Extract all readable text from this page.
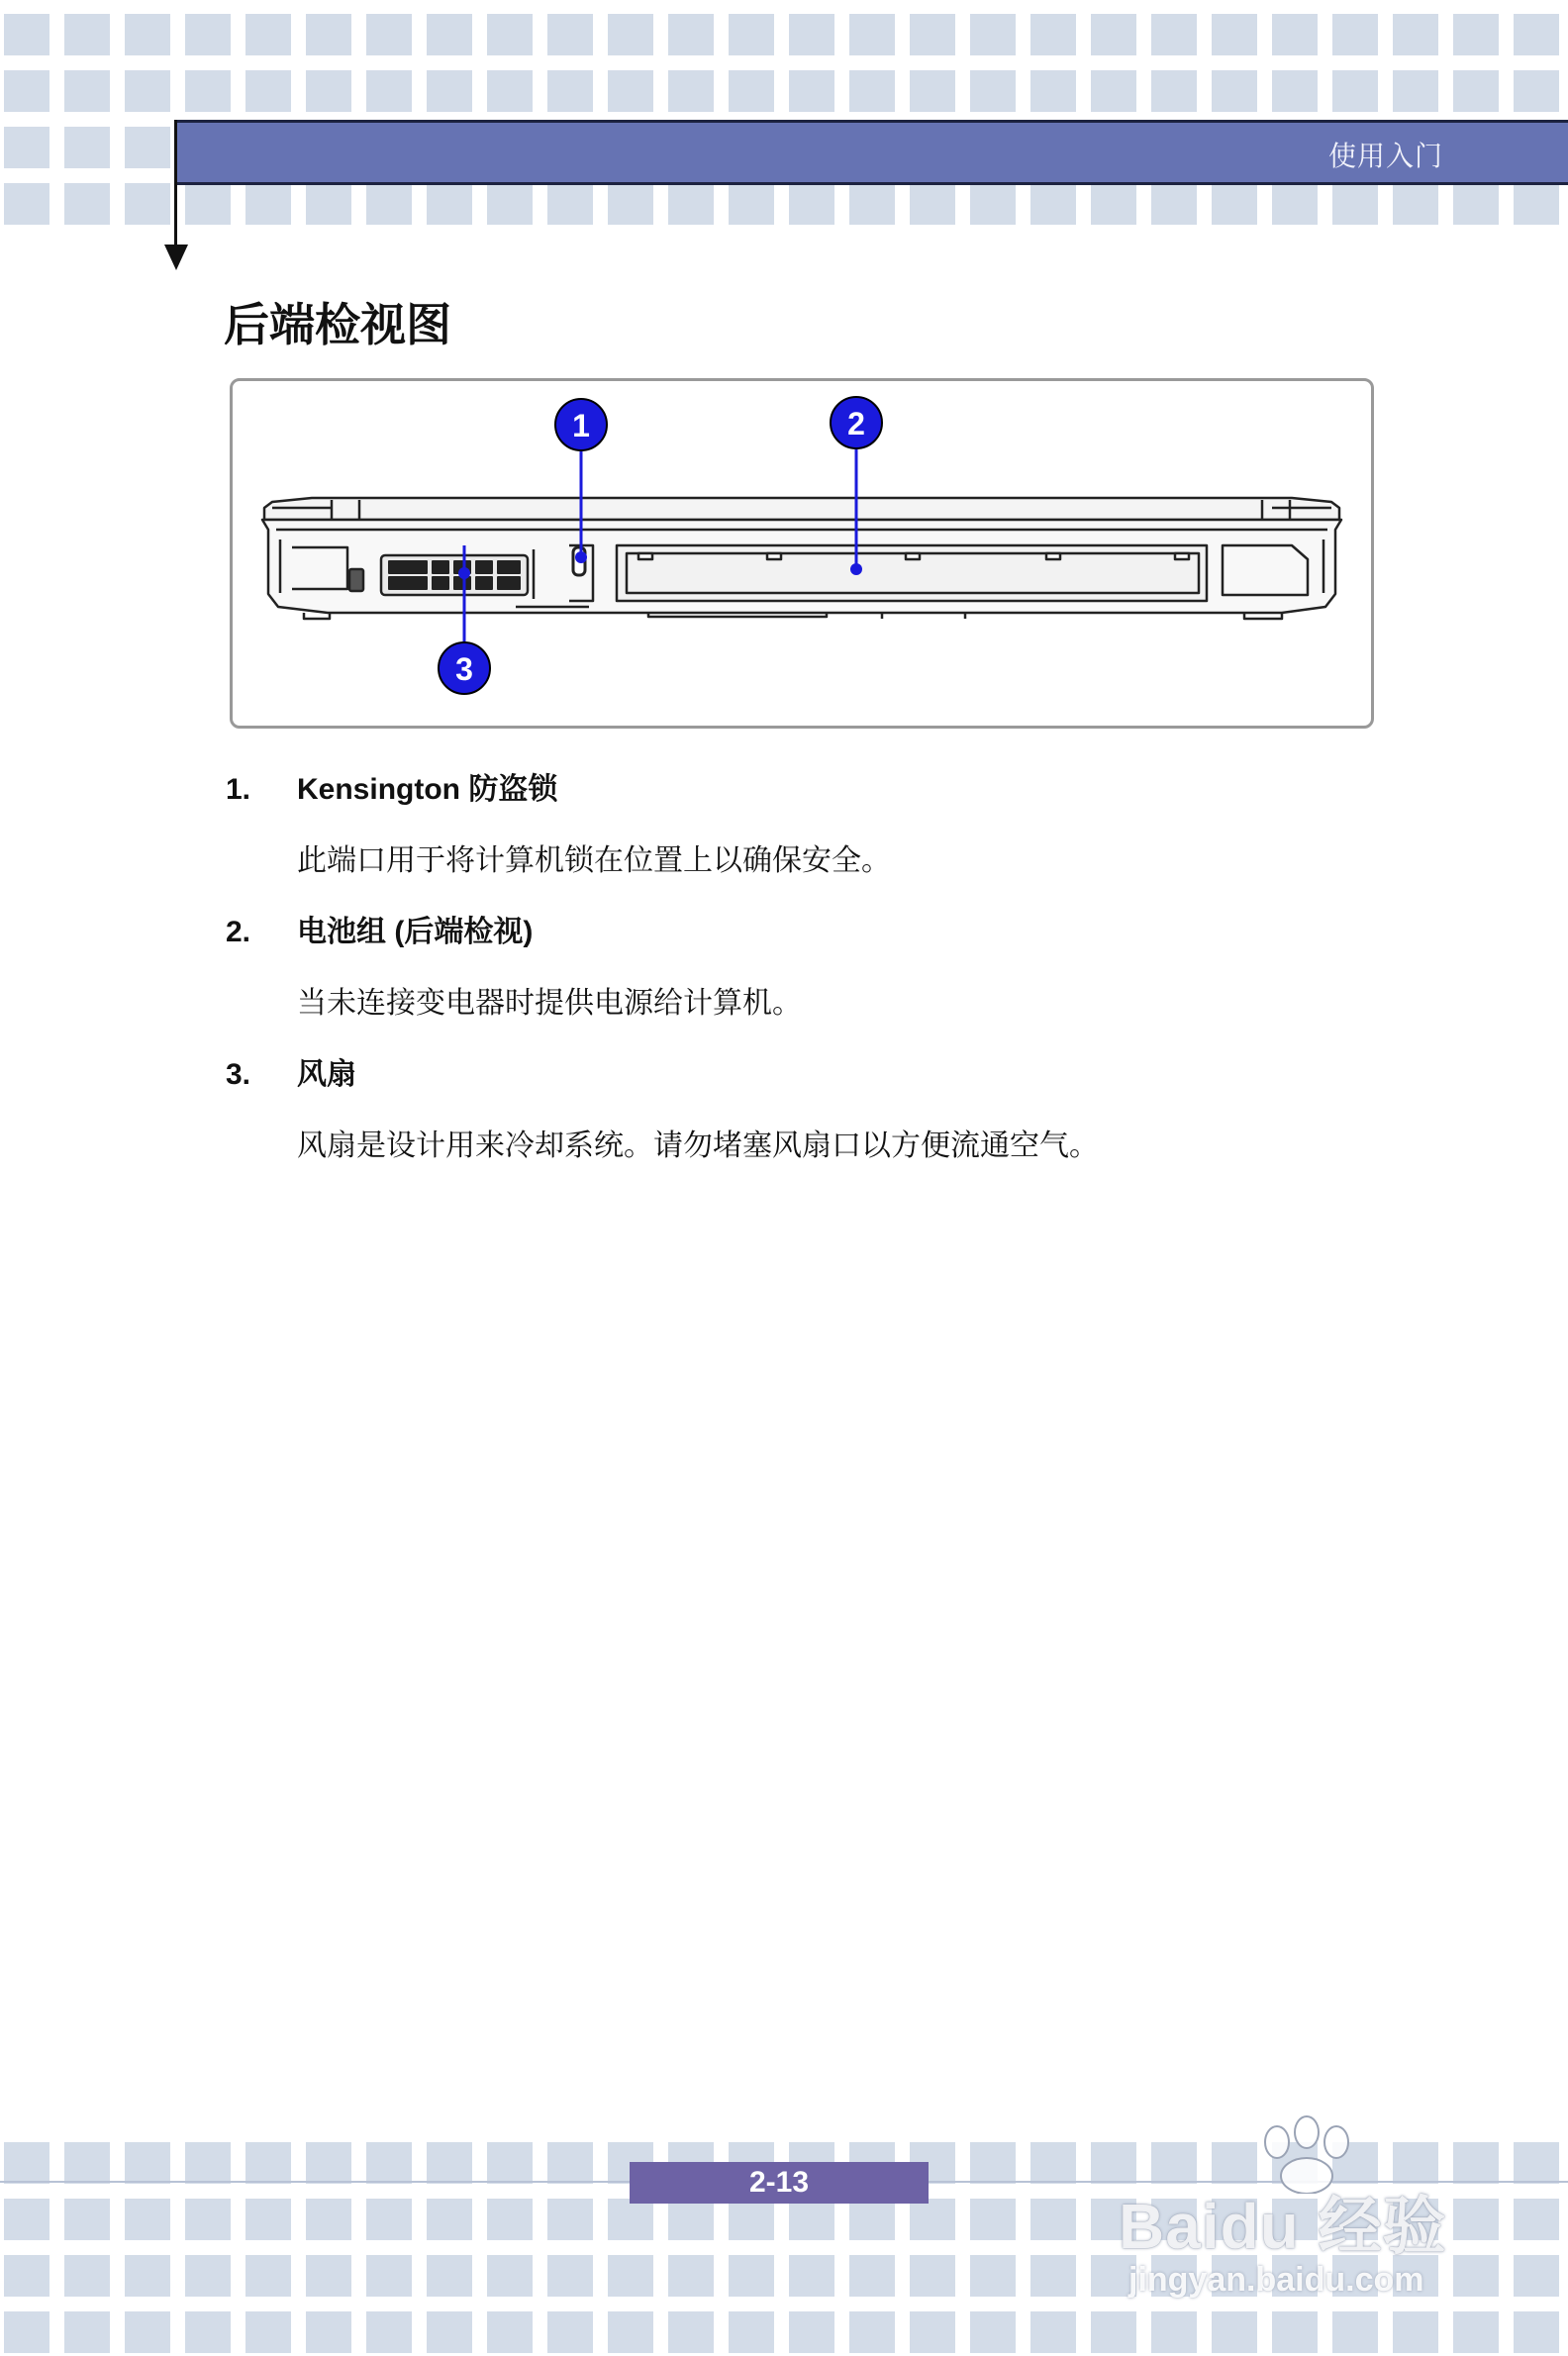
使用入门
后端检视图
1	2
3
1. Kensington 防盗锁
此端口用于将计算机锁在位置上以确保安全。
2. 电池组 (后端检视)
当未连接变电器时提供电源给计算机。
3. 风扇
风扇是设计用来冷却系统。请勿堵塞风扇口以方便流通空气。
2-13
Baidu 经验
jingyan.baidu.com
